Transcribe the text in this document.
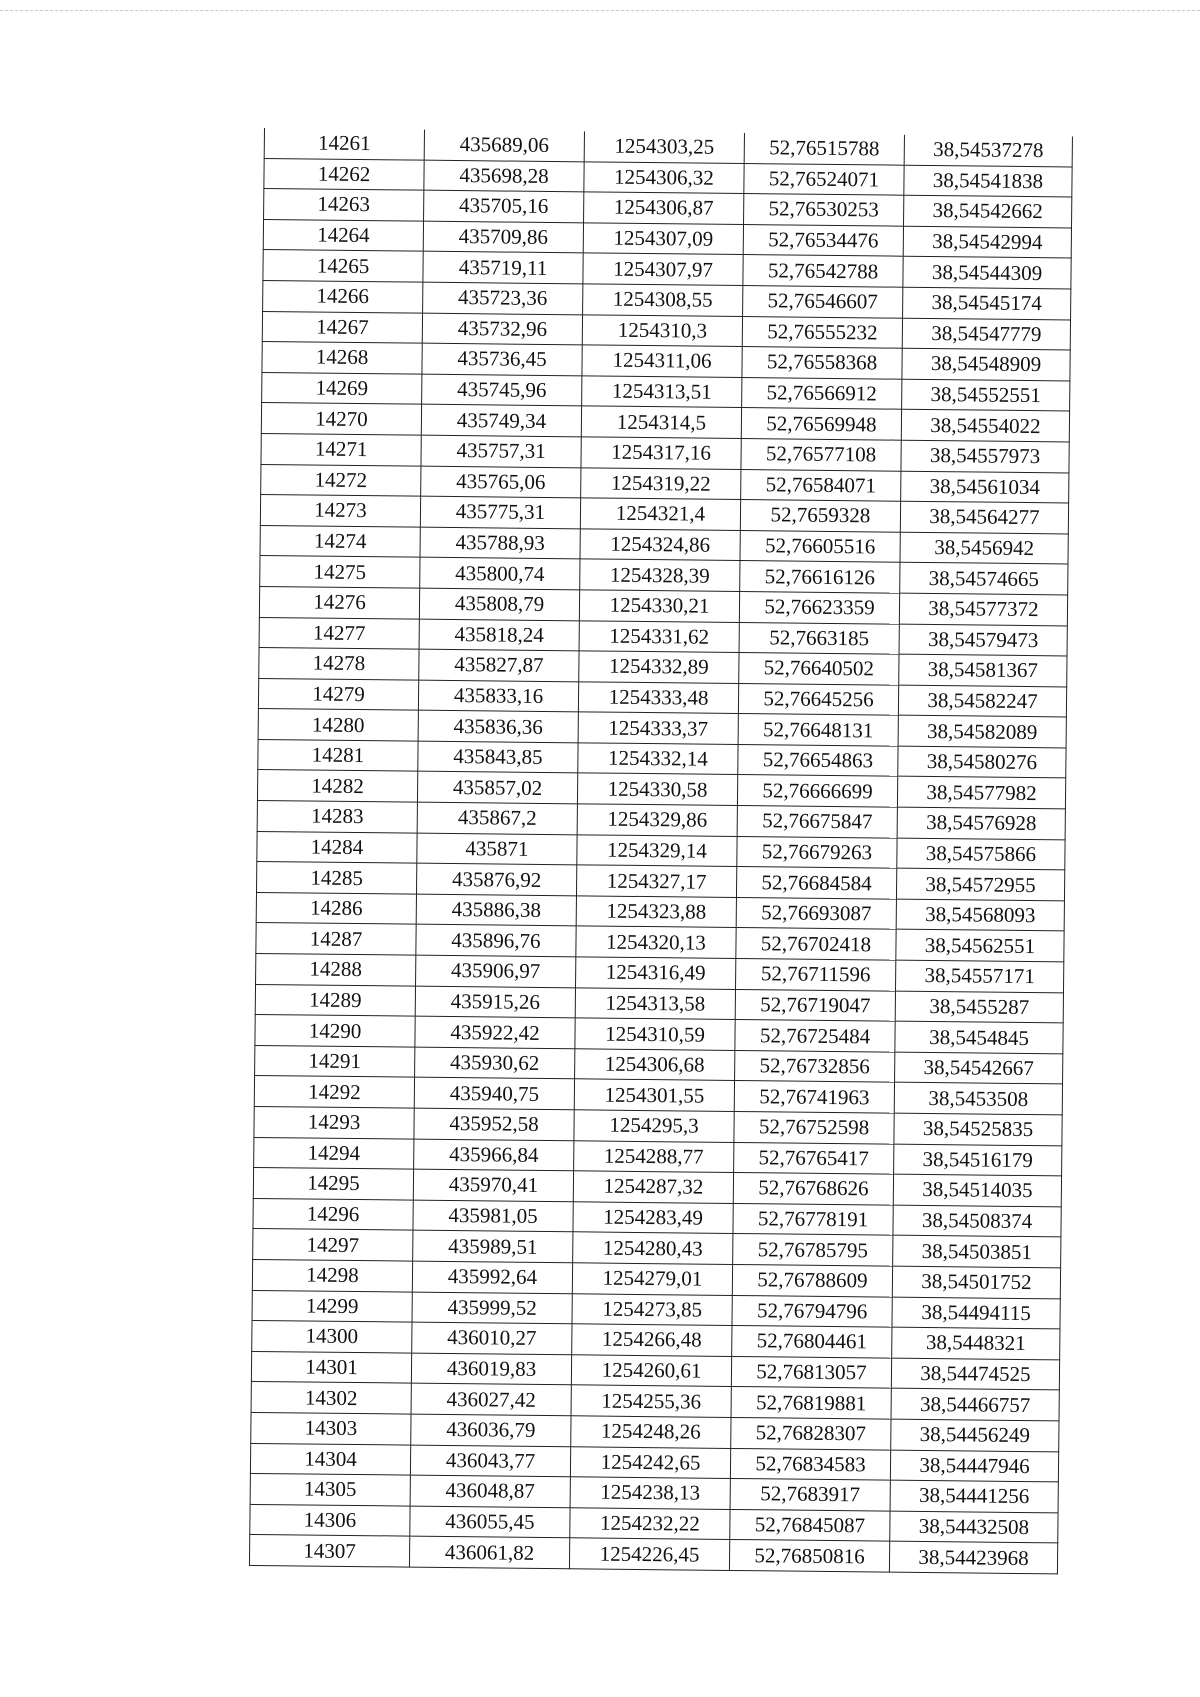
14261	435689,06	1254303,25	52,76515788	38,54537278
14262	435698,28	1254306,32	52,76524071	38,54541838
14263	435705,16	1254306,87	52,76530253	38,54542662
14264	435709,86	1254307,09	52,76534476	38,54542994
14265	435719,11	1254307,97	52,76542788	38,54544309
14266	435723,36	1254308,55	52,76546607	38,54545174
14267	435732,96	1254310,3	52,76555232	38,54547779
14268	435736,45	1254311,06	52,76558368	38,54548909
14269	435745,96	1254313,51	52,76566912	38,54552551
14270	435749,34	1254314,5	52,76569948	38,54554022
14271	435757,31	1254317,16	52,76577108	38,54557973
14272	435765,06	1254319,22	52,76584071	38,54561034
14273	435775,31	1254321,4	52,7659328	38,54564277
14274	435788,93	1254324,86	52,76605516	38,5456942
14275	435800,74	1254328,39	52,76616126	38,54574665
14276	435808,79	1254330,21	52,76623359	38,54577372
14277	435818,24	1254331,62	52,7663185	38,54579473
14278	435827,87	1254332,89	52,76640502	38,54581367
14279	435833,16	1254333,48	52,76645256	38,54582247
14280	435836,36	1254333,37	52,76648131	38,54582089
14281	435843,85	1254332,14	52,76654863	38,54580276
14282	435857,02	1254330,58	52,76666699	38,54577982
14283	435867,2	1254329,86	52,76675847	38,54576928
14284	435871	1254329,14	52,76679263	38,54575866
14285	435876,92	1254327,17	52,76684584	38,54572955
14286	435886,38	1254323,88	52,76693087	38,54568093
14287	435896,76	1254320,13	52,76702418	38,54562551
14288	435906,97	1254316,49	52,76711596	38,54557171
14289	435915,26	1254313,58	52,76719047	38,5455287
14290	435922,42	1254310,59	52,76725484	38,5454845
14291	435930,62	1254306,68	52,76732856	38,54542667
14292	435940,75	1254301,55	52,76741963	38,5453508
14293	435952,58	1254295,3	52,76752598	38,54525835
14294	435966,84	1254288,77	52,76765417	38,54516179
14295	435970,41	1254287,32	52,76768626	38,54514035
14296	435981,05	1254283,49	52,76778191	38,54508374
14297	435989,51	1254280,43	52,76785795	38,54503851
14298	435992,64	1254279,01	52,76788609	38,54501752
14299	435999,52	1254273,85	52,76794796	38,54494115
14300	436010,27	1254266,48	52,76804461	38,5448321
14301	436019,83	1254260,61	52,76813057	38,54474525
14302	436027,42	1254255,36	52,76819881	38,54466757
14303	436036,79	1254248,26	52,76828307	38,54456249
14304	436043,77	1254242,65	52,76834583	38,54447946
14305	436048,87	1254238,13	52,7683917	38,54441256
14306	436055,45	1254232,22	52,76845087	38,54432508
14307	436061,82	1254226,45	52,76850816	38,54423968
